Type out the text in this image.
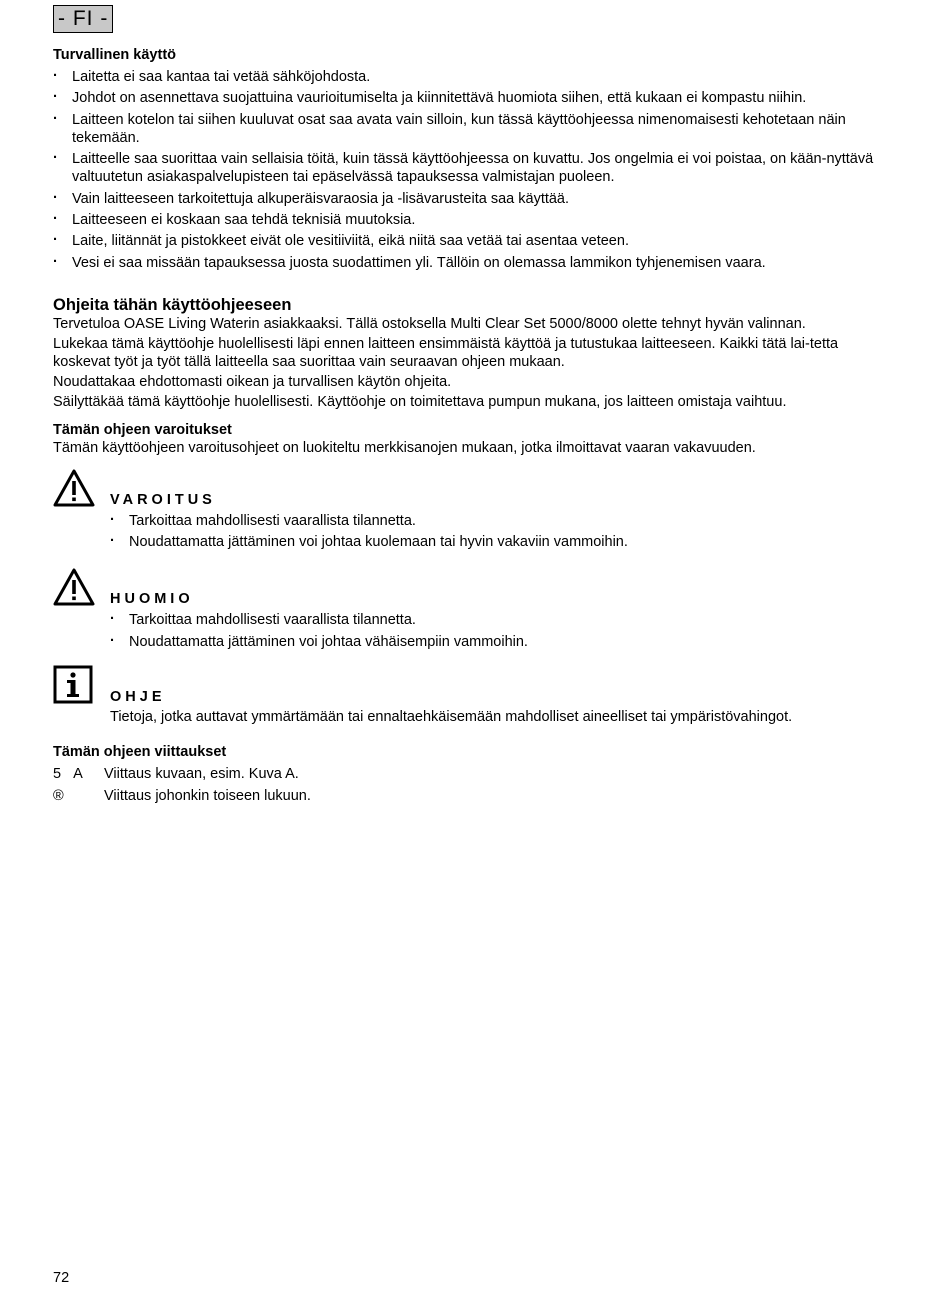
- FI -
Turvallinen käyttö
· Laitetta ei saa kantaa tai vetää sähköjohdosta.
· Johdot on asennettava suojattuina vaurioitumiselta ja kiinnitettävä huomiota siihen, että kukaan ei kompastu niihin.
· Laitteen kotelon tai siihen kuuluvat osat saa avata vain silloin, kun tässä käyttöohjeessa nimenomaisesti kehotetaan näin tekemään.
· Laitteelle saa suorittaa vain sellaisia töitä, kuin tässä käyttöohjeessa on kuvattu. Jos ongelmia ei voi poistaa, on kään-nyttävä valtuutetun asiakaspalvelupisteen tai epäselvässä tapauksessa valmistajan puoleen.
· Vain laitteeseen tarkoitettuja alkuperäisvaraosia ja -lisävarusteita saa käyttää.
· Laitteeseen ei koskaan saa tehdä teknisiä muutoksia.
· Laite, liitännät ja pistokkeet eivät ole vesitiiviitä, eikä niitä saa vetää tai asentaa veteen.
· Vesi ei saa missään tapauksessa juosta suodattimen yli. Tällöin on olemassa lammikon tyhjenemisen vaara.
Ohjeita tähän käyttöohjeeseen

Tervetuloa OASE Living Waterin asiakkaaksi. Tällä ostoksella Multi Clear Set 5000/8000 olette tehnyt hyvän valinnan.

Lukekaa tämä käyttöohje huolellisesti läpi ennen laitteen ensimmäistä käyttöä ja tutustukaa laitteeseen. Kaikki tätä lai-tetta koskevat työt ja työt tällä laitteella saa suorittaa vain seuraavan ohjeen mukaan.

Noudattakaa ehdottomasti oikean ja turvallisen käytön ohjeita.

Säilyttäkää tämä käyttöohje huolellisesti. Käyttöohje on toimitettava pumpun mukana, jos laitteen omistaja vaihtuu.

Tämän ohjeen varoitukset

Tämän käyttöohjeen varoitusohjeet on luokiteltu merkkisanojen mukaan, jotka ilmoittavat vaaran vakavuuden.

VAROITUS

· Tarkoittaa mahdollisesti vaarallista tilannetta.
· Noudattamatta jättäminen voi johtaa kuolemaan tai hyvin vakaviin vammoihin.

HUOMIO

· Tarkoittaa mahdollisesti vaarallista tilannetta.
· Noudattamatta jättäminen voi johtaa vähäisempiin vammoihin.

OHJE

Tietoja, jotka auttavat ymmärtämään tai ennaltaehkäisemään mahdolliset aineelliset tai ympäristövahingot.

Tämän ohjeen viittaukset
5 A Viittaus kuvaan, esim. Kuva A.
®	Viittaus johonkin toiseen lukuun.
72
